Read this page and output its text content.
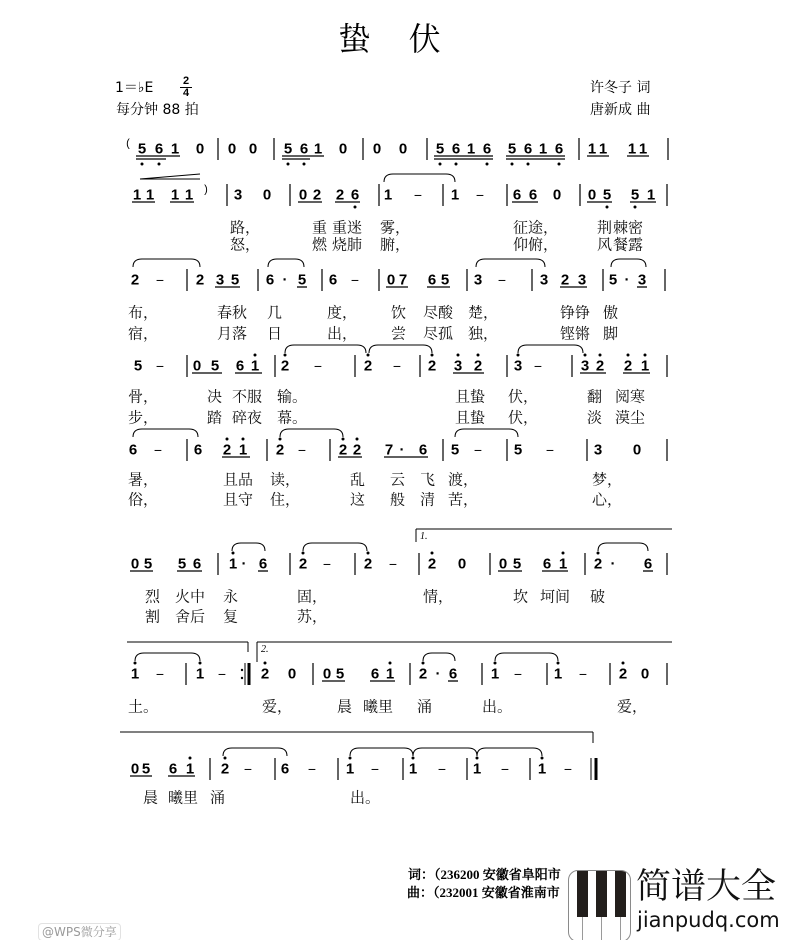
蛰 伏
1＝♭E $\frac{2}{4}$
每分钟 88 拍
许冬子 词
唐新成 曲
( 5 6 1 0 0 0 5 6 1 0 0 0 5 6 1 6 5 6 1 6 1 1 1 1
1 1 1 1 ) 3 0 0 2 2 6 1 − 1 − 6 6 0 0 5 5 1
路，	重 重迷 雾，	征途，	荆 棘密
怒，	燃 烧肺 腑，	仰俯，	风 餐露
2 − 2 3 5 6 · 5 6 − 0 7 6 5 3 − 3 2 3 5 · 3
布，	春秋 几	度， 饮 尽酸 楚，	铮铮 傲
宿，	月落 日	出， 尝 尽孤 独，	铿锵 脚
5 − 0 5 6 1 2 −	2 − 2 3 2 3 −	3 2 2 1
骨，	决 不服 输。	且蛰 伏，	翻 阅寒
步，	踏 碎夜 幕。	且蛰 伏，	淡 漠尘
6 − 6 2 1 2 − 2 2 7 · 6 5 − 5 −	3 0
暑，	且品 读，	乱 云 飞 渡，	梦，
俗，	且守 住，	这 般 清 苦，	心，
0 5 5 6 1 · 6 2 − 2 − 2 0 0 5 6 1 2 · 6
1.
烈 火中 永	固，	情，	坎 坷间 破
割 舍后 复	苏，
1 − 1 − 2 0 0 5 6 1 2 · 6 1 − 1 − 2 0
2.
土。	爱，	晨 曦里 涌	出。	爱，
0 5 6 1 2 − 6 − 1 − 1 − 1 − 1 −
晨 曦里 涌	出。
词：（236200 安徽省阜阳市
曲：（232001 安徽省淮南市 简谱大全
jianpudq.com
@WPS微分享
